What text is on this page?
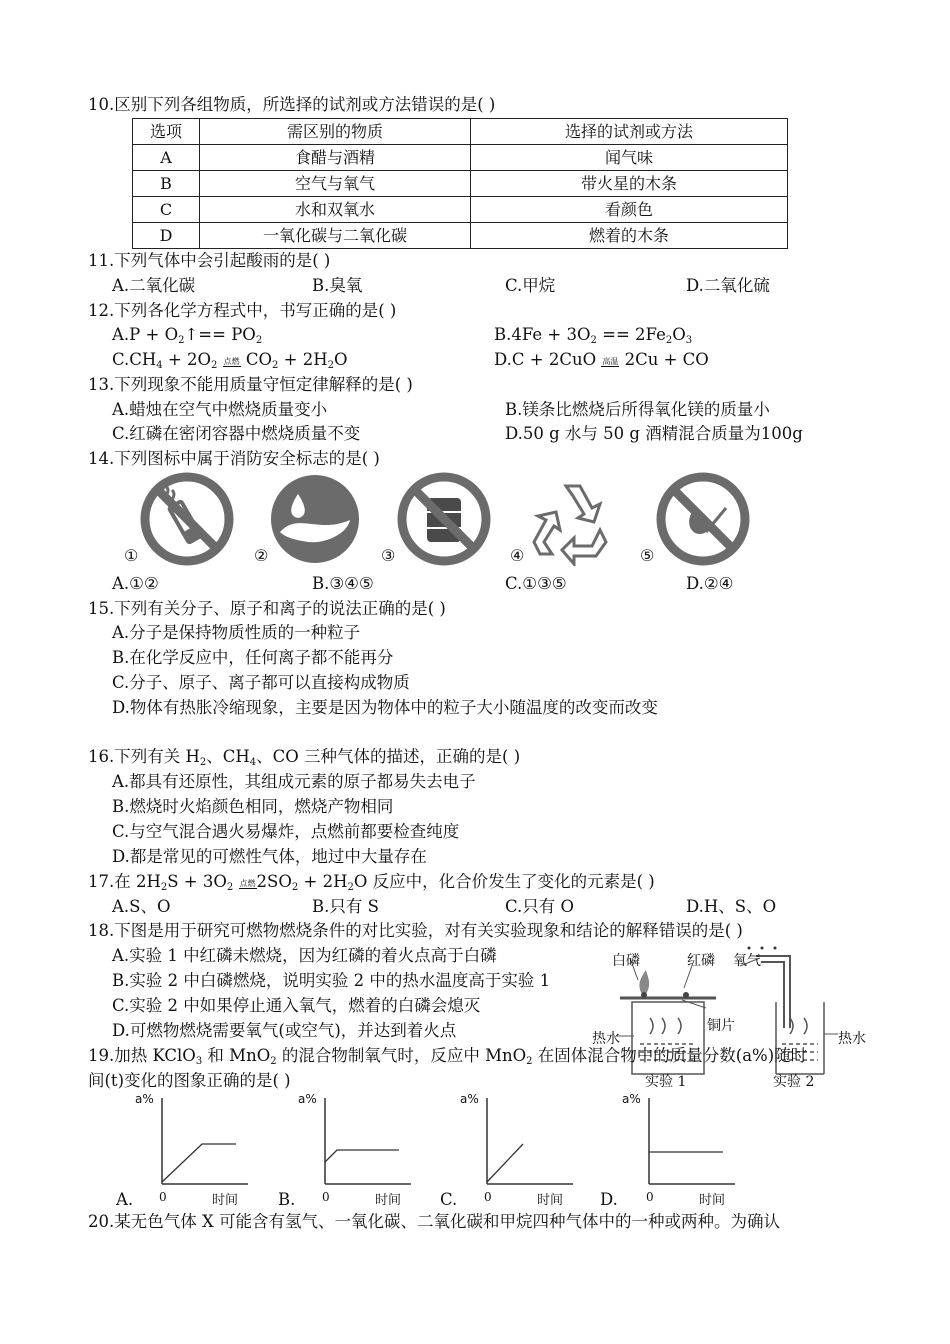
10.区别下列各组物质，所选择的试剂或方法错误的是( )
选项	需区别的物质	选择的试剂或方法
A	食醋与酒精	闻气味
B	空气与氧气	带火星的木条
C	水和双氧水	看颜色
D	一氧化碳与二氧化碳	燃着的木条
11.下列气体中会引起酸雨的是( )
A.二氧化碳	B.臭氧	C.甲烷	D.二氧化硫
12.下列各化学方程式中，书写正确的是( )
$A.P + O_2↑== PO_2$	$B.4Fe + 3O_2 == 2Fe_2O_3$
$C.CH_4 + 2O_2$ 点燃 $CO_2 + 2H_2O$	D.C + 2CuO 高温 2Cu + CO
13.下列现象不能用质量守恒定律解释的是( )
A.蜡烛在空气中燃烧质量变小	B.镁条比燃烧后所得氧化镁的质量小
C.红磷在密闭容器中燃烧质量不变	D.50 g 水与 50 g 酒精混合质量为100g
14.下列图标中属于消防安全标志的是( )
①	②	③	④	⑤
A.①②	B.③④⑤	C.①③⑤	D.②④
15.下列有关分子、原子和离子的说法正确的是( )
A.分子是保持物质性质的一种粒子
B.在化学反应中，任何离子都不能再分
C.分子、原子、离子都可以直接构成物质
D.物体有热胀冷缩现象，主要是因为物体中的粒子大小随温度的改变而改变
16.下列有关 $H_2$、$CH_4$、CO 三种气体的描述，正确的是( )
A.都具有还原性，其组成元素的原子都易失去电子
B.燃烧时火焰颜色相同，燃烧产物相同
C.与空气混合遇火易爆炸，点燃前都要检查纯度
D.都是常见的可燃性气体，地过中大量存在
17.在 $2H_2S + 3O_2$ 点燃$2SO_2 + 2H_2O$ 反应中，化合价发生了变化的元素是( )
A.S、O	B.只有 S	C.只有 O	D.H、S、O
18.下图是用于研究可燃物燃烧条件的对比实验，对有关实验现象和结论的解释错误的是( )
A.实验 1 中红磷未燃烧，因为红磷的着火点高于白磷
B.实验 2 中白磷燃烧，说明实验 2 中的热水温度高于实验 1
C.实验 2 中如果停止通入氧气，燃着的白磷会熄灭
D.可燃物燃烧需要氧气(或空气)，并达到着火点
白磷	红磷 氧气
铜片
热水	热水
实验 1	实验 2
19.加热 KClO$_3$ 和 MnO$_2$ 的混合物制氧气时，反应中 MnO$_2$ 在固体混合物中的质量分数(a%)随时
间(t)变化的图象正确的是( )
a%	a%	a%	a%
A.	B.	C.	D.
0	0	0	0
时间	时间	时间	时间
20.某无色气体 X 可能含有氢气、一氧化碳、二氧化碳和甲烷四种气体中的一种或两种。为确认
